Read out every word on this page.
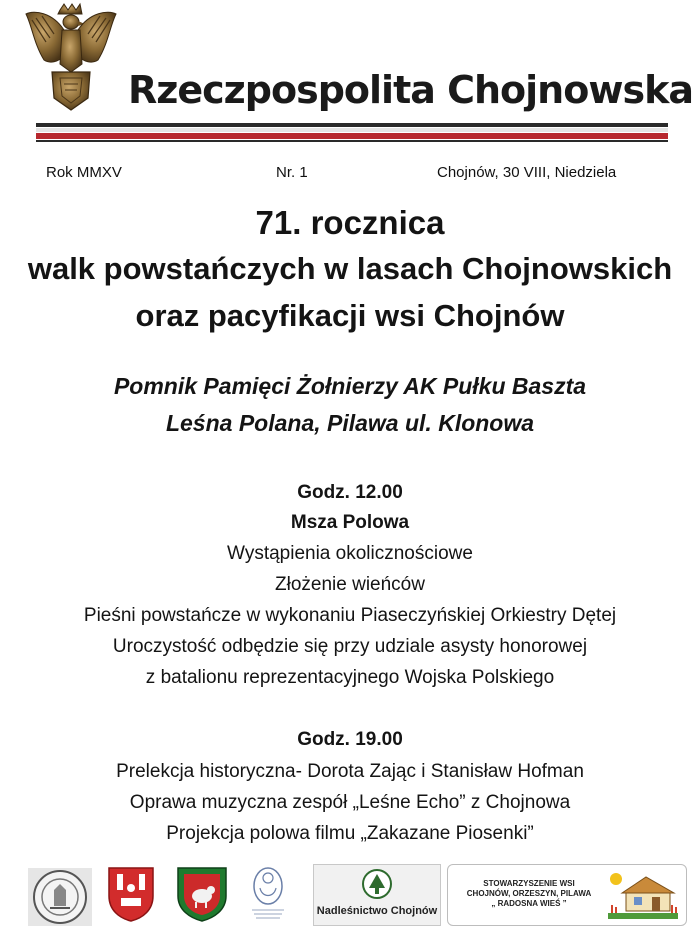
Rzeczpospolita Chojnowska
Rok MMXV	Nr. 1	Chojnów, 30 VIII, Niedziela
71. rocznica
walk powstańczych w lasach Chojnowskich
oraz pacyfikacji wsi Chojnów
Pomnik Pamięci Żołnierzy AK Pułku Baszta
Leśna Polana, Pilawa ul. Klonowa
Godz. 12.00
Msza Polowa
Wystąpienia okolicznościowe
Złożenie wieńców
Pieśni powstańcze w wykonaniu Piaseczyńskiej Orkiestry Dętej
Uroczystość odbędzie się przy udziale asysty honorowej
z batalionu reprezentacyjnego Wojska Polskiego
Godz. 19.00
Prelekcja historyczna- Dorota Zając i Stanisław Hofman
Oprawa muzyczna zespół „Leśne Echo” z Chojnowa
Projekcja polowa filmu „Zakazane Piosenki”
Nadleśnictwo Chojnów
STOWARZYSZENIE WSI
CHOJNÓW, ORZESZYN, PILAWA
„ RADOSNA WIEŚ ”
